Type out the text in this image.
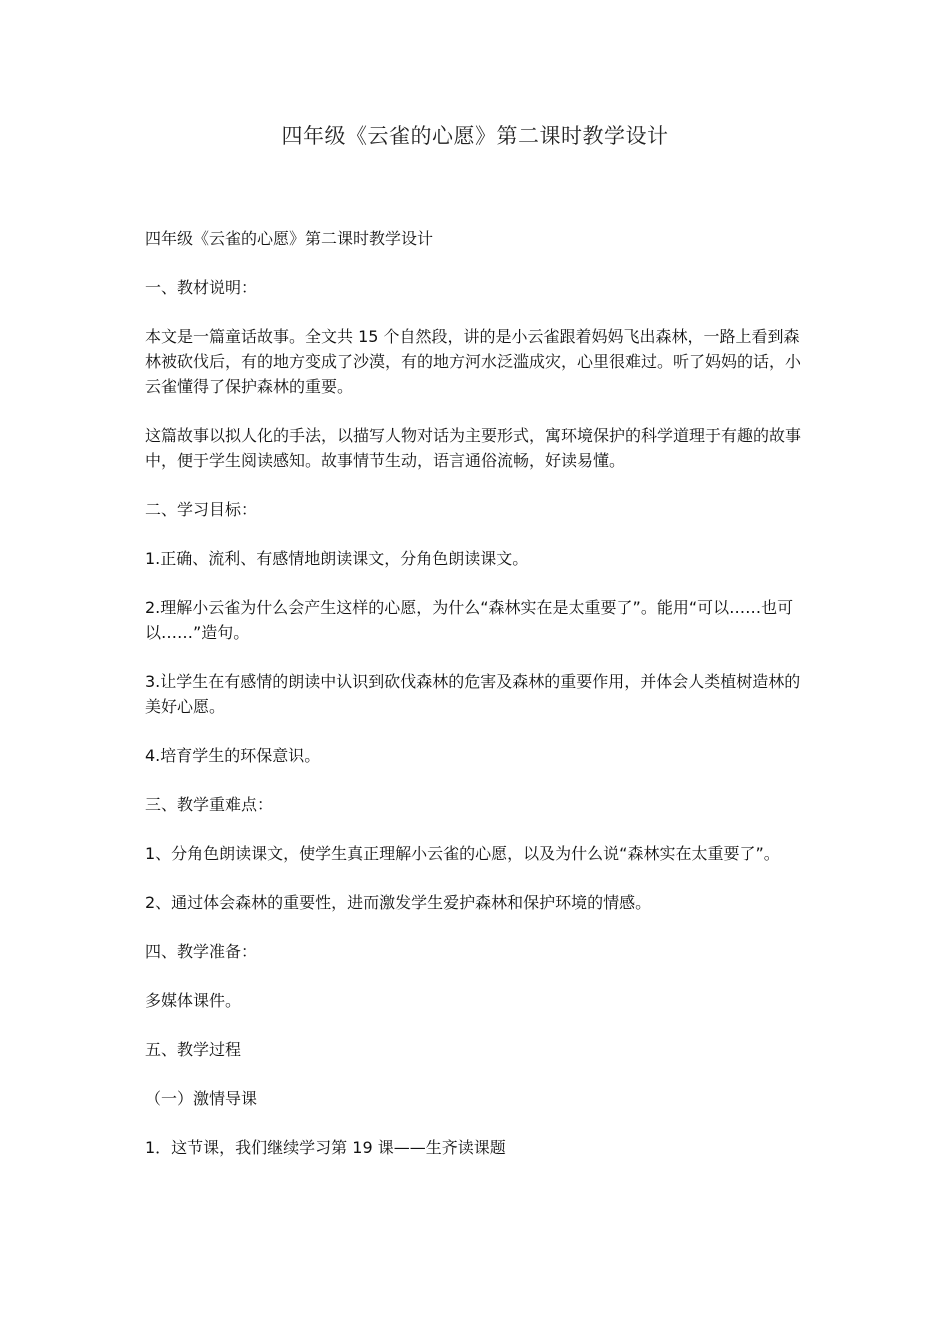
四年级《云雀的心愿》第二课时教学设计

四年级《云雀的心愿》第二课时教学设计

一、教材说明：

本文是一篇童话故事。全文共 15 个自然段，讲的是小云雀跟着妈妈飞出森林，一路上看到森林被砍伐后，有的地方变成了沙漠，有的地方河水泛滥成灾，心里很难过。听了妈妈的话，小云雀懂得了保护森林的重要。

这篇故事以拟人化的手法，以描写人物对话为主要形式，寓环境保护的科学道理于有趣的故事中，便于学生阅读感知。故事情节生动，语言通俗流畅，好读易懂。

二、学习目标：

1.正确、流利、有感情地朗读课文，分角色朗读课文。

2.理解小云雀为什么会产生这样的心愿，为什么“森林实在是太重要了”。能用“可以……也可以……”造句。

3.让学生在有感情的朗读中认识到砍伐森林的危害及森林的重要作用，并体会人类植树造林的美好心愿。

4.培育学生的环保意识。

三、教学重难点：

1、分角色朗读课文，使学生真正理解小云雀的心愿，以及为什么说“森林实在太重要了”。

2、通过体会森林的重要性，进而激发学生爱护森林和保护环境的情感。

四、教学准备：

多媒体课件。

五、教学过程

（一）激情导课

1．这节课，我们继续学习第 19 课——生齐读课题
